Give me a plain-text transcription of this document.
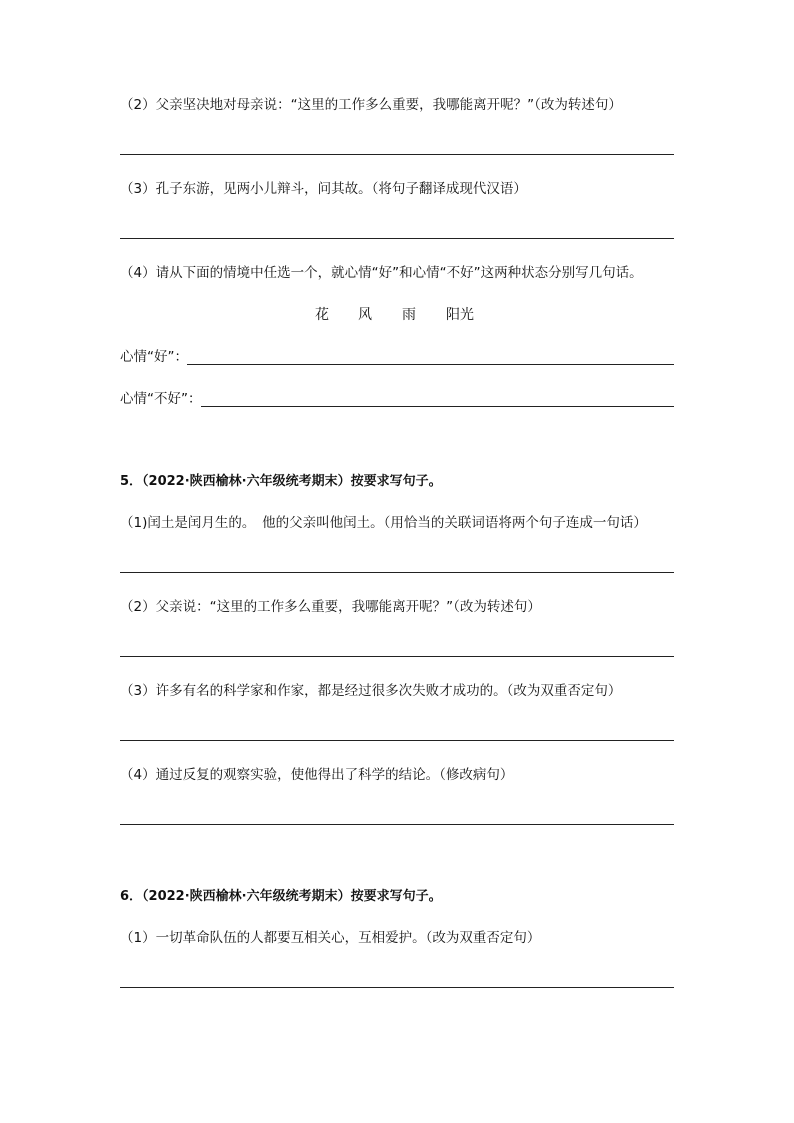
（2）父亲坚决地对母亲说：“这里的工作多么重要，我哪能离开呢？”（改为转述句）
（3）孔子东游，见两小儿辩斗，问其故。（将句子翻译成现代汉语）
（4）请从下面的情境中任选一个，就心情“好”和心情“不好”这两种状态分别写几句话。
花 风 雨 阳光
心情“好”：
心情“不好”：
5．（2022·陕西榆林·六年级统考期末）按要求写句子。
（1)闰土是闰月生的。　他的父亲叫他闰土。（用恰当的关联词语将两个句子连成一句话）
（2）父亲说：“这里的工作多么重要，我哪能离开呢？”（改为转述句）
（3）许多有名的科学家和作家，都是经过很多次失败才成功的。（改为双重否定句）
（4）通过反复的观察实验，使他得出了科学的结论。（修改病句）
6．（2022·陕西榆林·六年级统考期末）按要求写句子。
（1）一切革命队伍的人都要互相关心，互相爱护。（改为双重否定句）
